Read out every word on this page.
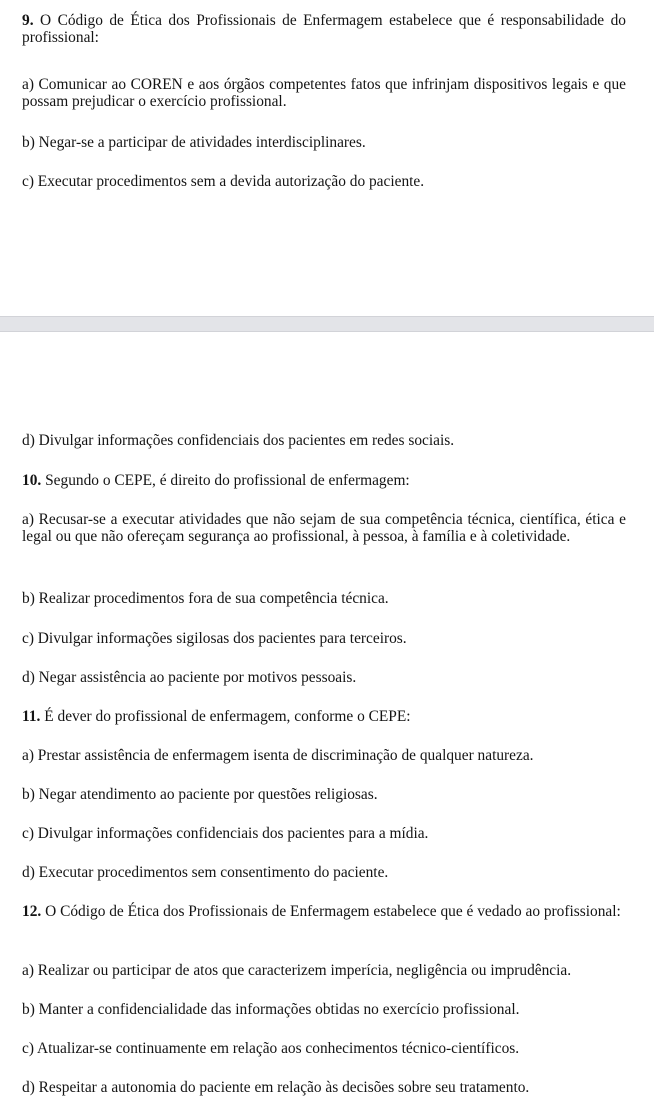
9. O Código de Ética dos Profissionais de Enfermagem estabelece que é responsabilidade do profissional:

a) Comunicar ao COREN e aos órgãos competentes fatos que infrinjam dispositivos legais e que possam prejudicar o exercício profissional.

b) Negar-se a participar de atividades interdisciplinares.

c) Executar procedimentos sem a devida autorização do paciente.

d) Divulgar informações confidenciais dos pacientes em redes sociais.

10. Segundo o CEPE, é direito do profissional de enfermagem:

a) Recusar-se a executar atividades que não sejam de sua competência técnica, científica, ética e legal ou que não ofereçam segurança ao profissional, à pessoa, à família e à coletividade.

b) Realizar procedimentos fora de sua competência técnica.

c) Divulgar informações sigilosas dos pacientes para terceiros.

d) Negar assistência ao paciente por motivos pessoais.

11. É dever do profissional de enfermagem, conforme o CEPE:

a) Prestar assistência de enfermagem isenta de discriminação de qualquer natureza.

b) Negar atendimento ao paciente por questões religiosas.

c) Divulgar informações confidenciais dos pacientes para a mídia.

d) Executar procedimentos sem consentimento do paciente.

12. O Código de Ética dos Profissionais de Enfermagem estabelece que é vedado ao profissional:

a) Realizar ou participar de atos que caracterizem imperícia, negligência ou imprudência.

b) Manter a confidencialidade das informações obtidas no exercício profissional.

c) Atualizar-se continuamente em relação aos conhecimentos técnico-científicos.

d) Respeitar a autonomia do paciente em relação às decisões sobre seu tratamento.
